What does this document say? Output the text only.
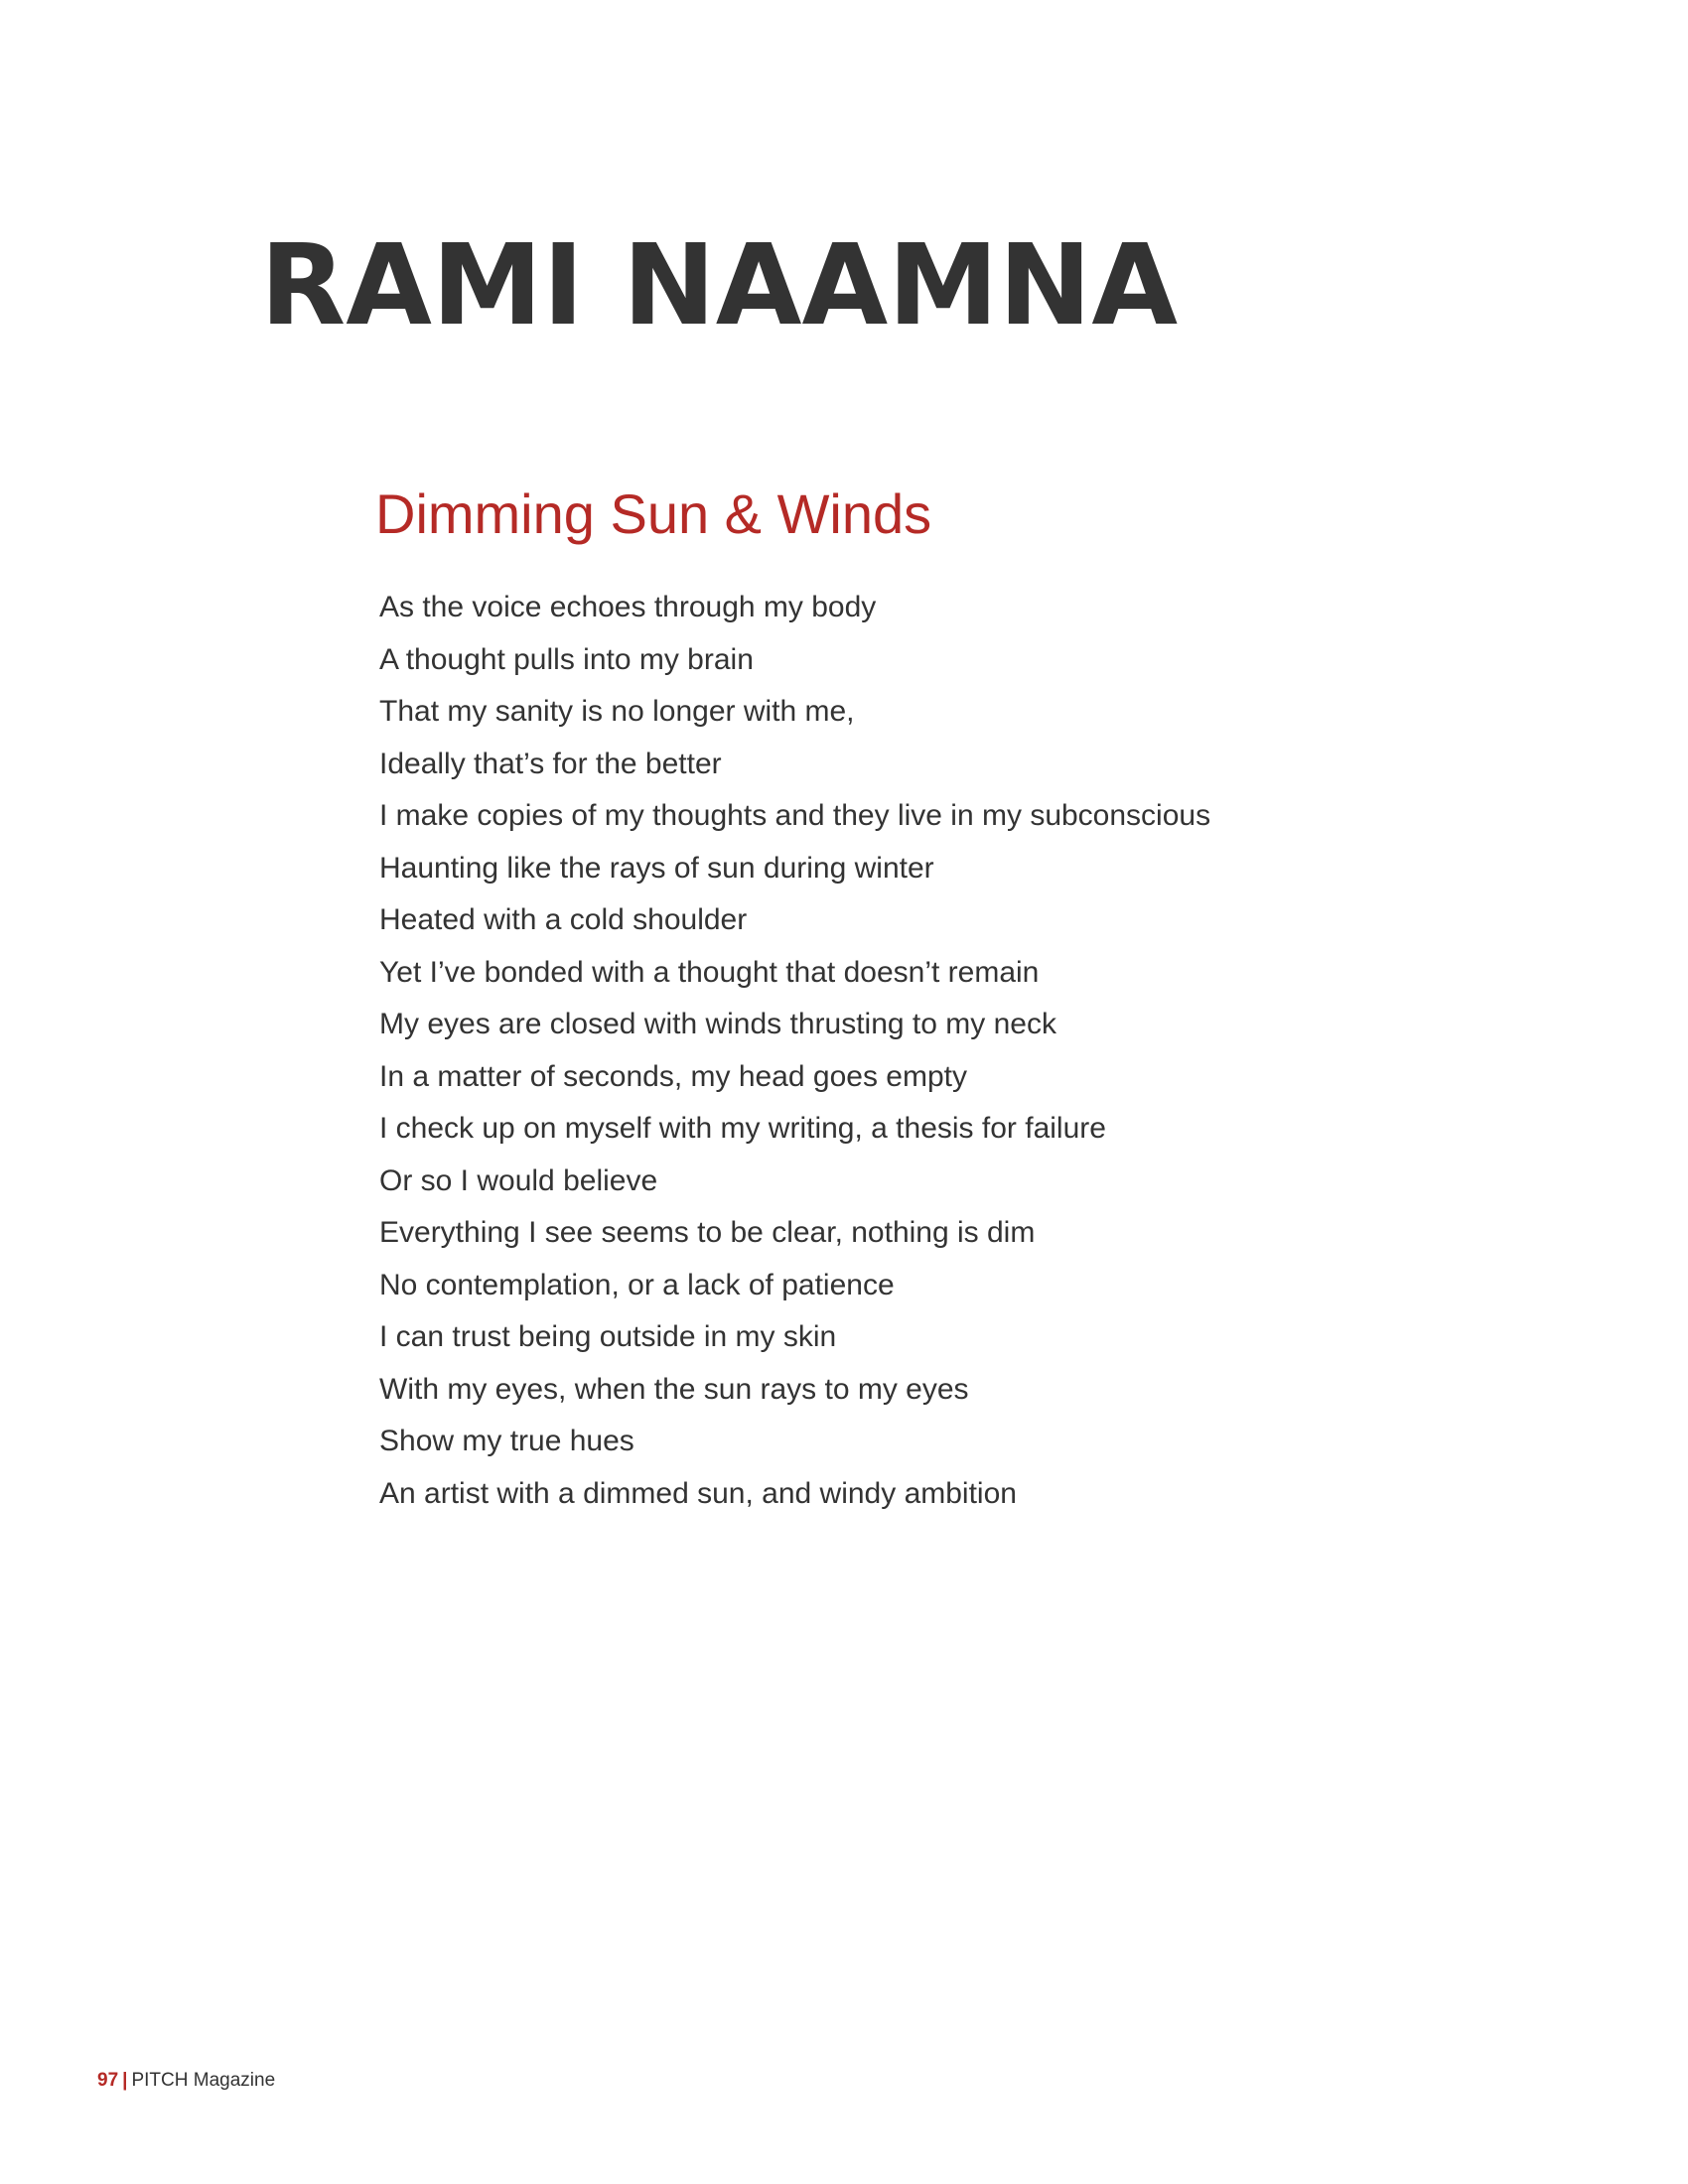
RAMI NAAMNA
Dimming Sun & Winds
As the voice echoes through my body
A thought pulls into my brain
That my sanity is no longer with me,
Ideally that’s for the better
I make copies of my thoughts and they live in my subconscious
Haunting like the rays of sun during winter
Heated with a cold shoulder
Yet I’ve bonded with a thought that doesn’t remain
My eyes are closed with winds thrusting to my neck
In a matter of seconds, my head goes empty
I check up on myself with my writing, a thesis for failure
Or so I would believe
Everything I see seems to be clear, nothing is dim
No contemplation, or a lack of patience
I can trust being outside in my skin
With my eyes, when the sun rays to my eyes
Show my true hues
An artist with a dimmed sun, and windy ambition
97 | PITCH Magazine
